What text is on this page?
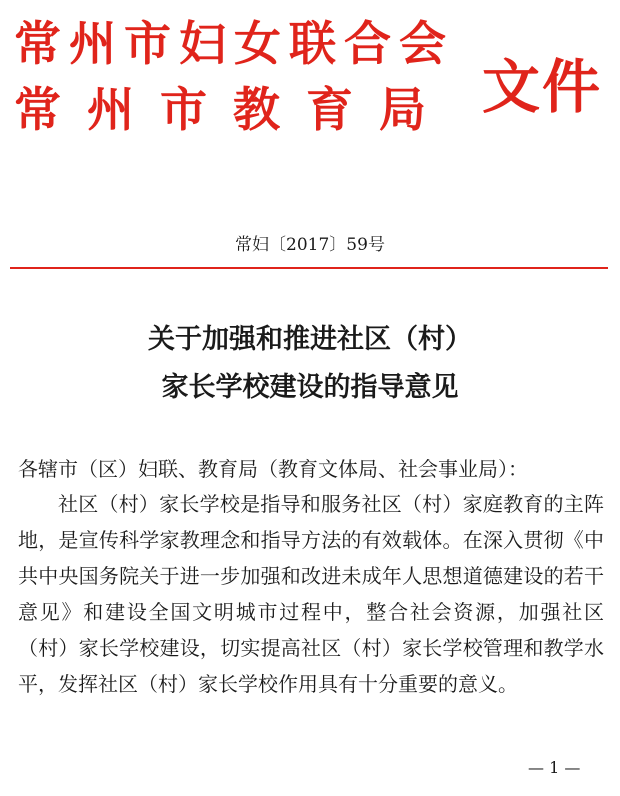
常州市妇女联合会
常州市教育局 文件
常妇〔2017〕59号
关于加强和推进社区（村）
家长学校建设的指导意见
各辖市（区）妇联、教育局（教育文体局、社会事业局）：

社区（村）家长学校是指导和服务社区（村）家庭教育的主阵地，是宣传科学家教理念和指导方法的有效载体。在深入贯彻《中共中央国务院关于进一步加强和改进未成年人思想道德建设的若干意见》和建设全国文明城市过程中，整合社会资源，加强社区（村）家长学校建设，切实提高社区（村）家长学校管理和教学水平，发挥社区（村）家长学校作用具有十分重要的意义。

— 1 —
